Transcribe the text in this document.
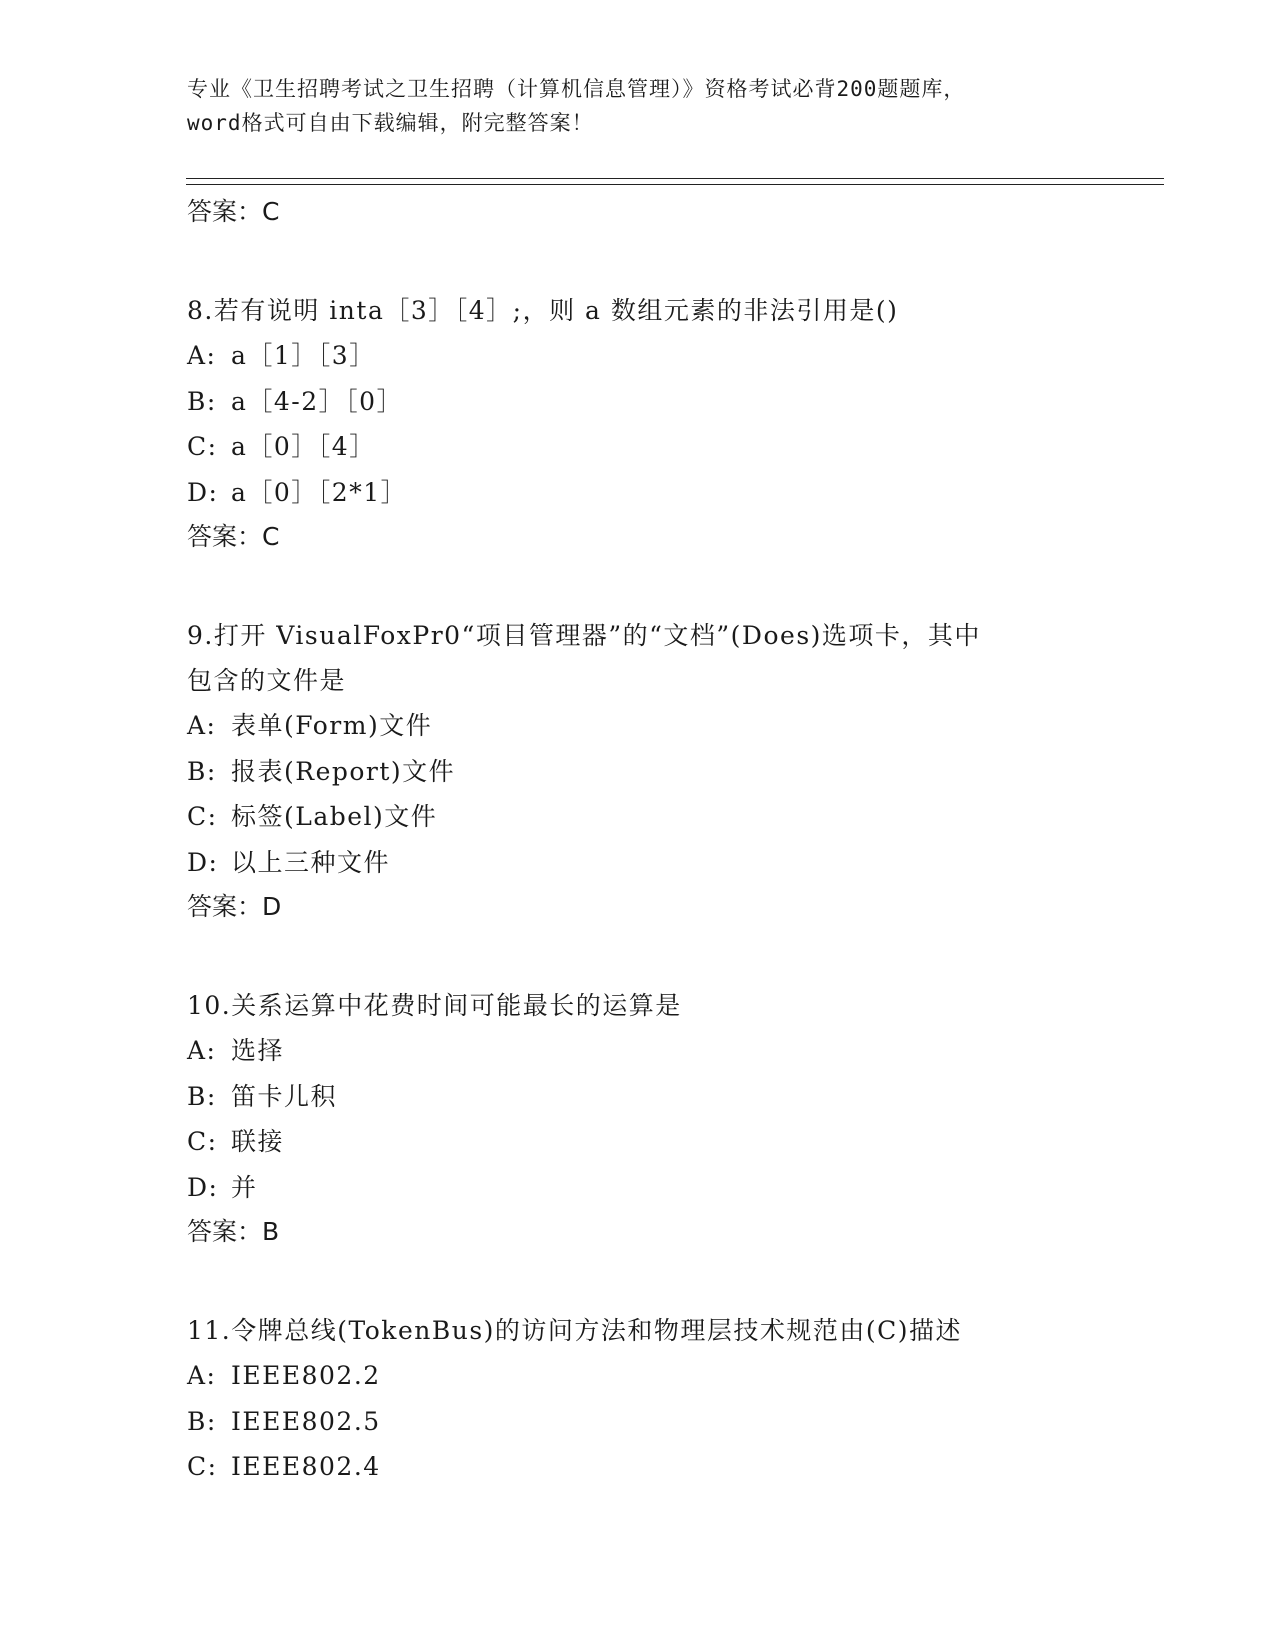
专业《卫生招聘考试之卫生招聘（计算机信息管理）》资格考试必背200题题库，
word格式可自由下载编辑，附完整答案！
答案：C
8.若有说明 inta［3］［4］;，则 a 数组元素的非法引用是()
A: a［1］［3］
B: a［4-2］［0］
C: a［0］［4］
D: a［0］［2*1］
答案：C
9.打开 VisualFoxPr0“项目管理器”的“文档”(Does)选项卡，其中
包含的文件是
A: 表单(Form)文件
B: 报表(Report)文件
C: 标签(Label)文件
D: 以上三种文件
答案：D
10.关系运算中花费时间可能最长的运算是
A: 选择
B: 笛卡儿积
C: 联接
D: 并
答案：B
11.令牌总线(TokenBus)的访问方法和物理层技术规范由(C)描述
A: IEEE802.2
B: IEEE802.5
C: IEEE802.4
